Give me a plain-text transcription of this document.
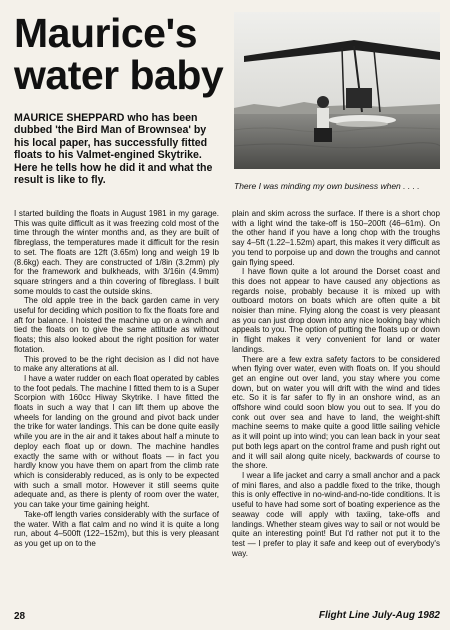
Maurice's
water baby

MAURICE SHEPPARD who has been dubbed 'the Bird Man of Brownsea' by his local paper, has successfully fitted floats to his Valmet-engined Skytrike. Here he tells how he did it and what the result is like to fly.	There I was minding my own business when . . . .

I started building the floats in August 1981 in my garage. This was quite difficult as it was freezing cold most of the time through the winter months and, as they are built of fibreglass, the temperatures made it difficult for the resin to set. The floats are 12ft (3.65m) long and weigh 19 lb (8.6kg) each. They are constructed of 1/8in (3.2mm) ply for the framework and bulkheads, with 3/16in (4.9mm) square stringers and a thin covering of fibreglass. I built some moulds to cast the outside skins.

The old apple tree in the back garden came in very useful for deciding which position to fix the floats fore and aft for balance. I hoisted the machine up on a winch and tied the floats on to give the same attitude as without floats; this also looked about the right position for water flotation.

This proved to be the right decision as I did not have to make any alterations at all.

I have a water rudder on each float operated by cables to the foot pedals. The machine I fitted them to is a Super Scorpion with 160cc Hiway Skytrike. I have fitted the floats in such a way that I can lift them up above the wheels for landing on the ground and pivot back under the trike for water landings. This can be done quite easily while you are in the air and it takes about half a minute to deploy each float up or down. The machine handles exactly the same with or without floats — in fact you hardly know you have them on apart from the climb rate which is considerably reduced, as is only to be expected with such a small motor. However it still seems quite adequate and, as there is plenty of room over the water, you can take your time gaining height.

Take-off length varies considerably with the surface of the water. With a flat calm and no wind it is quite a long run, about 4–500ft (122–152m), but this is very pleasant as you get up on to the

plain and skim across the surface. If there is a short chop with a light wind the take-off is 150–200ft (46–61m). On the other hand if you have a long chop with the troughs say 4–5ft (1.22–1.52m) apart, this makes it very difficult as you tend to porpoise up and down the troughs and cannot gain flying speed.

I have flown quite a lot around the Dorset coast and this does not appear to have caused any objections as regards noise, probably because it is mixed up with outboard motors on boats which are often quite a bit noisier than mine. Flying along the coast is very pleasant as you can just drop down into any nice looking bay which appeals to you. The option of putting the floats up or down in flight makes it very convenient for land or water landings.

There are a few extra safety factors to be considered when flying over water, even with floats on. If you should get an engine out over land, you stay where you come down, but on water you will drift with the wind and tides etc. So it is far safer to fly in an onshore wind, as an offshore wind could soon blow you out to sea. If you do conk out over sea and have to land, the weight-shift machine seems to make quite a good little sailing vehicle as it will point up into wind; you can lean back in your seat put both legs apart on the control frame and push right out and it will sail along quite nicely, backwards of course to the shore.

I wear a life jacket and carry a small anchor and a pack of mini flares, and also a paddle fixed to the trike, though this is only effective in no-wind-and-no-tide conditions. It is useful to have had some sort of boating experience as the seaway code will apply with taxiing, take-offs and landings. Whether steam gives way to sail or not would be quite an interesting point! But I'd rather not put it to the test — I prefer to play it safe and keep out of everybody's way.

28	Flight Line July-Aug 1982
